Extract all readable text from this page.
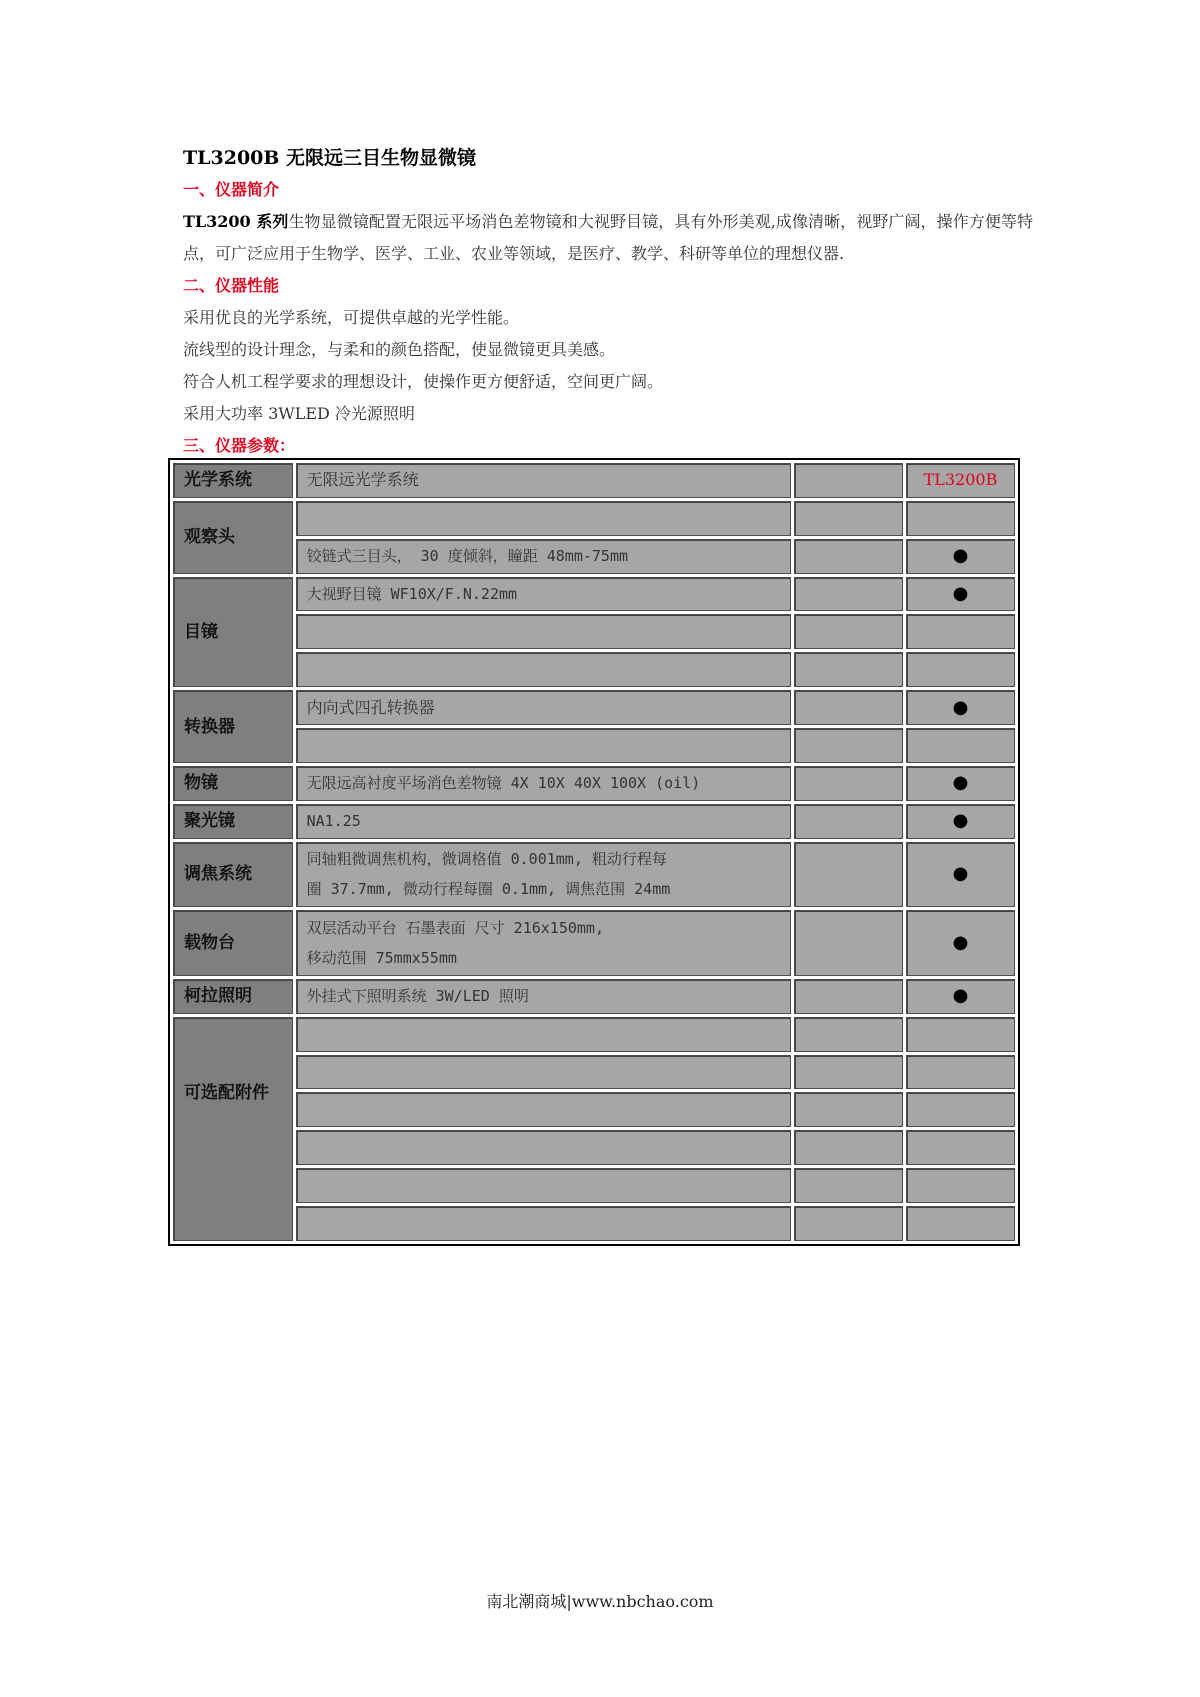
TL3200B 无限远三目生物显微镜

一、仪器简介

TL3200 系列生物显微镜配置无限远平场消色差物镜和大视野目镜，具有外形美观,成像清晰，视野广阔，操作方便等特点，可广泛应用于生物学、医学、工业、农业等领域，是医疗、教学、科研等单位的理想仪器.

二、仪器性能

采用优良的光学系统，可提供卓越的光学性能。

流线型的设计理念，与柔和的颜色搭配，使显微镜更具美感。

符合人机工程学要求的理想设计，使操作更方便舒适，空间更广阔。

采用大功率 3WLED 冷光源照明

三、仪器参数：

光学系统	无限远光学系统		TL3200B
观察头			
	铰链式三目头， 30 度倾斜，瞳距 48mm-75mm		●
目镜	大视野目镜 WF10X/F.N.22mm		●

转换器	内向式四孔转换器		●

物镜	无限远高衬度平场消色差物镜 4X 10X 40X 100X (oil)		●
聚光镜	NA1.25		●
调焦系统	同轴粗微调焦机构，微调格值 0.001mm, 粗动行程每
圈 37.7mm, 微动行程每圈 0.1mm, 调焦范围 24mm		●
载物台	双层活动平台 石墨表面 尺寸 216x150mm,
移动范围 75mmx55mm		●
柯拉照明	外挂式下照明系统 3W/LED 照明		●
可选配附件			

南北潮商城|www.nbchao.com
